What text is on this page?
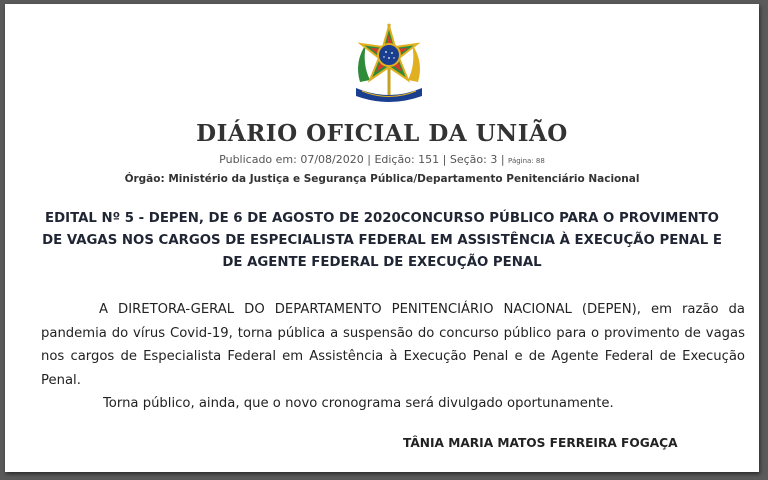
DIÁRIO OFICIAL DA UNIÃO
Publicado em: 07/08/2020 | Edição: 151 | Seção: 3 | Página: 88
Órgão: Ministério da Justiça e Segurança Pública/Departamento Penitenciário Nacional
EDITAL Nº 5 - DEPEN, DE 6 DE AGOSTO DE 2020CONCURSO PÚBLICO PARA O PROVIMENTO DE VAGAS NOS CARGOS DE ESPECIALISTA FEDERAL EM ASSISTÊNCIA À EXECUÇÃO PENAL E DE AGENTE FEDERAL DE EXECUÇÃO PENAL

A DIRETORA-GERAL DO DEPARTAMENTO PENITENCIÁRIO NACIONAL (DEPEN), em razão da pandemia do vírus Covid-19, torna pública a suspensão do concurso público para o provimento de vagas nos cargos de Especialista Federal em Assistência à Execução Penal e de Agente Federal de Execução Penal.

Torna público, ainda, que o novo cronograma será divulgado oportunamente.
TÂNIA MARIA MATOS FERREIRA FOGAÇA
